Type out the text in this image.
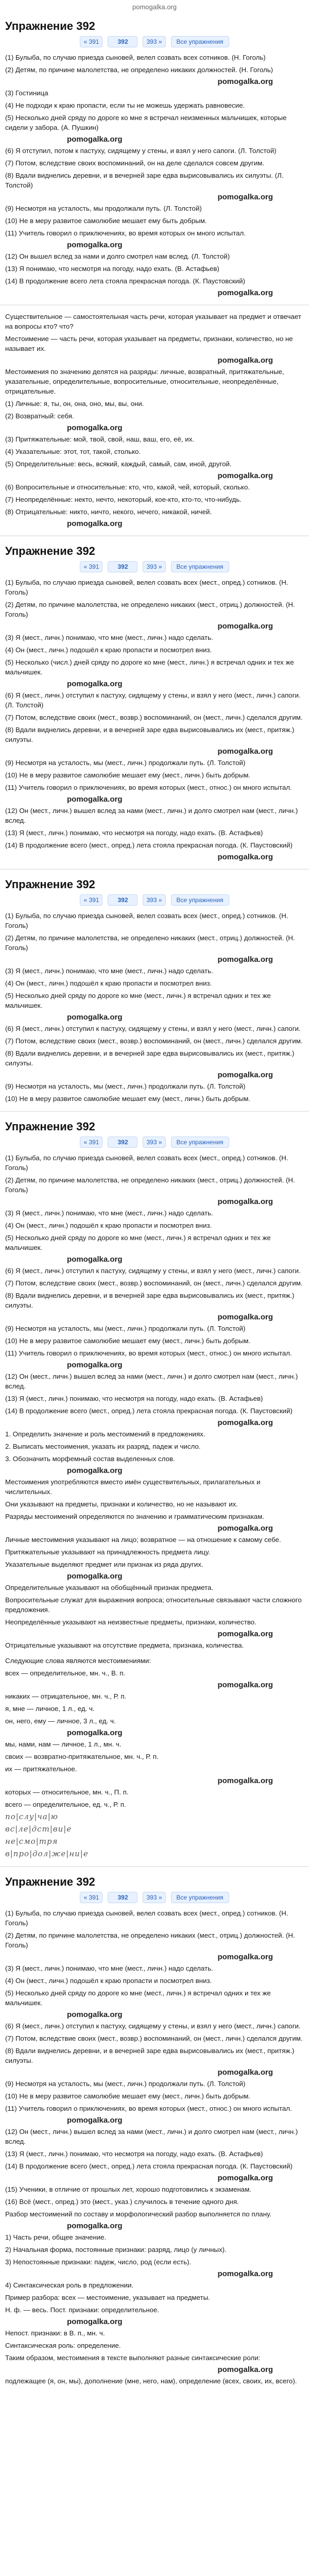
pomogalka.org
Упражнение 392
« 391	392	393 »	Все упражнения

(1) Булыба, по случаю приезда сыновей, велел созвать всех сотников. (Н. Гоголь)

(2) Детям, по причине малолетства, не определено никаких должностей. (Н. Гоголь)

pomogalka.org

(3) Гостиница

(4) Не подходи к краю пропасти, если ты не можешь удержать равновесие.

(5) Несколько дней сряду по дороге ко мне я встречал неизменных мальчишек, которые сидели у забора. (А. Пушкин)

pomogalka.org

(6) Я отступил, потом к пастуху, сидящему у стены, и взял у него сапоги. (Л. Толстой)

(7) Потом, вследствие своих воспоминаний, он на деле сделался совсем другим.

(8) Вдали виднелись деревни, и в вечерней заре едва вырисовывались их силуэты. (Л. Толстой)

pomogalka.org

(9) Несмотря на усталость, мы продолжали путь. (Л. Толстой)

(10) Не в меру развитое самолюбие мешает ему быть добрым.

(11) Учитель говорил о приключениях, во время которых он много испытал.

pomogalka.org

(12) Он вышел вслед за нами и долго смотрел нам вслед. (Л. Толстой)

(13) Я понимаю, что несмотря на погоду, надо ехать. (В. Астафьев)

(14) В продолжение всего лета стояла прекрасная погода. (К. Паустовский)

pomogalka.org

Существительное — самостоятельная часть речи, которая указывает на предмет и отвечает на вопросы кто? что?

Местоимение — часть речи, которая указывает на предметы, признаки, количество, но не называет их.

pomogalka.org

Местоимения по значению делятся на разряды: личные, возвратный, притяжательные, указательные, определительные, вопросительные, относительные, неопределённые, отрицательные.

(1) Личные: я, ты, он, она, оно, мы, вы, они.

(2) Возвратный: себя.

pomogalka.org

(3) Притяжательные: мой, твой, свой, наш, ваш, его, её, их.

(4) Указательные: этот, тот, такой, столько.

(5) Определительные: весь, всякий, каждый, самый, сам, иной, другой.

pomogalka.org

(6) Вопросительные и относительные: кто, что, какой, чей, который, сколько.

(7) Неопределённые: некто, нечто, некоторый, кое-кто, кто-то, что-нибудь.

(8) Отрицательные: никто, ничто, некого, нечего, никакой, ничей.

pomogalka.org
Упражнение 392
« 391	392	393 »	Все упражнения

(1) Булыба, по случаю приезда сыновей, велел созвать всех (мест., опред.) сотников. (Н. Гоголь)

(2) Детям, по причине малолетства, не определено никаких (мест., отриц.) должностей. (Н. Гоголь)

pomogalka.org

(3) Я (мест., личн.) понимаю, что мне (мест., личн.) надо сделать.

(4) Он (мест., личн.) подошёл к краю пропасти и посмотрел вниз.

(5) Несколько (числ.) дней сряду по дороге ко мне (мест., личн.) я встречал одних и тех же мальчишек.

pomogalka.org

(6) Я (мест., личн.) отступил к пастуху, сидящему у стены, и взял у него (мест., личн.) сапоги. (Л. Толстой)

(7) Потом, вследствие своих (мест., возвр.) воспоминаний, он (мест., личн.) сделался другим.

(8) Вдали виднелись деревни, и в вечерней заре едва вырисовывались их (мест., притяж.) силуэты.

pomogalka.org

(9) Несмотря на усталость, мы (мест., личн.) продолжали путь. (Л. Толстой)

(10) Не в меру развитое самолюбие мешает ему (мест., личн.) быть добрым.

(11) Учитель говорил о приключениях, во время которых (мест., относ.) он много испытал.

pomogalka.org

(12) Он (мест., личн.) вышел вслед за нами (мест., личн.) и долго смотрел нам (мест., личн.) вслед.

(13) Я (мест., личн.) понимаю, что несмотря на погоду, надо ехать. (В. Астафьев)

(14) В продолжение всего (мест., опред.) лета стояла прекрасная погода. (К. Паустовский)

pomogalka.org
Упражнение 392
« 391	392	393 »	Все упражнения

(1) Булыба, по случаю приезда сыновей, велел созвать всех (мест., опред.) сотников. (Н. Гоголь)

(2) Детям, по причине малолетства, не определено никаких (мест., отриц.) должностей. (Н. Гоголь)

pomogalka.org

(3) Я (мест., личн.) понимаю, что мне (мест., личн.) надо сделать.

(4) Он (мест., личн.) подошёл к краю пропасти и посмотрел вниз.

(5) Несколько дней сряду по дороге ко мне (мест., личн.) я встречал одних и тех же мальчишек.

pomogalka.org

(6) Я (мест., личн.) отступил к пастуху, сидящему у стены, и взял у него (мест., личн.) сапоги.

(7) Потом, вследствие своих (мест., возвр.) воспоминаний, он (мест., личн.) сделался другим.

(8) Вдали виднелись деревни, и в вечерней заре едва вырисовывались их (мест., притяж.) силуэты.

pomogalka.org

(9) Несмотря на усталость, мы (мест., личн.) продолжали путь. (Л. Толстой)

(10) Не в меру развитое самолюбие мешает ему (мест., личн.) быть добрым.

Упражнение 392
« 391	392	393 »	Все упражнения

(1) Булыба, по случаю приезда сыновей, велел созвать всех (мест., опред.) сотников. (Н. Гоголь)

(2) Детям, по причине малолетства, не определено никаких (мест., отриц.) должностей. (Н. Гоголь)

pomogalka.org

(3) Я (мест., личн.) понимаю, что мне (мест., личн.) надо сделать.

(4) Он (мест., личн.) подошёл к краю пропасти и посмотрел вниз.

(5) Несколько дней сряду по дороге ко мне (мест., личн.) я встречал одних и тех же мальчишек.

pomogalka.org

(6) Я (мест., личн.) отступил к пастуху, сидящему у стены, и взял у него (мест., личн.) сапоги.

(7) Потом, вследствие своих (мест., возвр.) воспоминаний, он (мест., личн.) сделался другим.

(8) Вдали виднелись деревни, и в вечерней заре едва вырисовывались их (мест., притяж.) силуэты.

pomogalka.org

(9) Несмотря на усталость, мы (мест., личн.) продолжали путь. (Л. Толстой)

(10) Не в меру развитое самолюбие мешает ему (мест., личн.) быть добрым.

(11) Учитель говорил о приключениях, во время которых (мест., относ.) он много испытал.

pomogalka.org

(12) Он (мест., личн.) вышел вслед за нами (мест., личн.) и долго смотрел нам (мест., личн.) вслед.

(13) Я (мест., личн.) понимаю, что несмотря на погоду, надо ехать. (В. Астафьев)

(14) В продолжение всего (мест., опред.) лета стояла прекрасная погода. (К. Паустовский)

pomogalka.org

1. Определить значение и роль местоимений в предложениях.

2. Выписать местоимения, указать их разряд, падеж и число.

3. Обозначить морфемный состав выделенных слов.

pomogalka.org

Местоимения употребляются вместо имён существительных, прилагательных и числительных.

Они указывают на предметы, признаки и количество, но не называют их.

Разряды местоимений определяются по значению и грамматическим признакам.

pomogalka.org

Личные местоимения указывают на лицо; возвратное — на отношение к самому себе.

Притяжательные указывают на принадлежность предмета лицу.

Указательные выделяют предмет или признак из ряда других.

pomogalka.org

Определительные указывают на обобщённый признак предмета.

Вопросительные служат для выражения вопроса; относительные связывают части сложного предложения.

Неопределённые указывают на неизвестные предметы, признаки, количество.

pomogalka.org

Отрицательные указывают на отсутствие предмета, признака, количества.

Следующие слова являются местоимениями:

всех — определительное, мн. ч., В. п.

pomogalka.org

никаких — отрицательное, мн. ч., Р. п.

я, мне — личное, 1 л., ед. ч.

он, него, ему — личное, 3 л., ед. ч.

pomogalka.org

мы, нами, нам — личное, 1 л., мн. ч.

своих — возвратно-притяжательное, мн. ч., Р. п.

их — притяжательное.

pomogalka.org

которых — относительное, мн. ч., П. п.

всего — определительное, ед. ч., Р. п.

по|слу|ча|ю

вс|ле|дст|ви|е

не|смо|тря

в|про|дол|же|ни|е

Упражнение 392
« 391	392	393 »	Все упражнения

(1) Булыба, по случаю приезда сыновей, велел созвать всех (мест., опред.) сотников. (Н. Гоголь)

(2) Детям, по причине малолетства, не определено никаких (мест., отриц.) должностей. (Н. Гоголь)

pomogalka.org

(3) Я (мест., личн.) понимаю, что мне (мест., личн.) надо сделать.

(4) Он (мест., личн.) подошёл к краю пропасти и посмотрел вниз.

(5) Несколько дней сряду по дороге ко мне (мест., личн.) я встречал одних и тех же мальчишек.

pomogalka.org

(6) Я (мест., личн.) отступил к пастуху, сидящему у стены, и взял у него (мест., личн.) сапоги.

(7) Потом, вследствие своих (мест., возвр.) воспоминаний, он (мест., личн.) сделался другим.

(8) Вдали виднелись деревни, и в вечерней заре едва вырисовывались их (мест., притяж.) силуэты.

pomogalka.org

(9) Несмотря на усталость, мы (мест., личн.) продолжали путь. (Л. Толстой)

(10) Не в меру развитое самолюбие мешает ему (мест., личн.) быть добрым.

(11) Учитель говорил о приключениях, во время которых (мест., относ.) он много испытал.

pomogalka.org

(12) Он (мест., личн.) вышел вслед за нами (мест., личн.) и долго смотрел нам (мест., личн.) вслед.

(13) Я (мест., личн.) понимаю, что несмотря на погоду, надо ехать. (В. Астафьев)

(14) В продолжение всего (мест., опред.) лета стояла прекрасная погода. (К. Паустовский)

pomogalka.org

(15) Ученики, в отличие от прошлых лет, хорошо подготовились к экзаменам.

(16) Всё (мест., опред.) это (мест., указ.) случилось в течение одного дня.

Разбор местоимений по составу и морфологический разбор выполняется по плану.

pomogalka.org

1) Часть речи, общее значение.

2) Начальная форма, постоянные признаки: разряд, лицо (у личных).

3) Непостоянные признаки: падеж, число, род (если есть).

pomogalka.org

4) Синтаксическая роль в предложении.

Пример разбора: всех — местоимение, указывает на предметы.

Н. ф. — весь. Пост. признаки: определительное.

pomogalka.org

Непост. признаки: в В. п., мн. ч.

Синтаксическая роль: определение.

Таким образом, местоимения в тексте выполняют разные синтаксические роли:

pomogalka.org

подлежащее (я, он, мы), дополнение (мне, него, нам), определение (всех, своих, их, всего).
